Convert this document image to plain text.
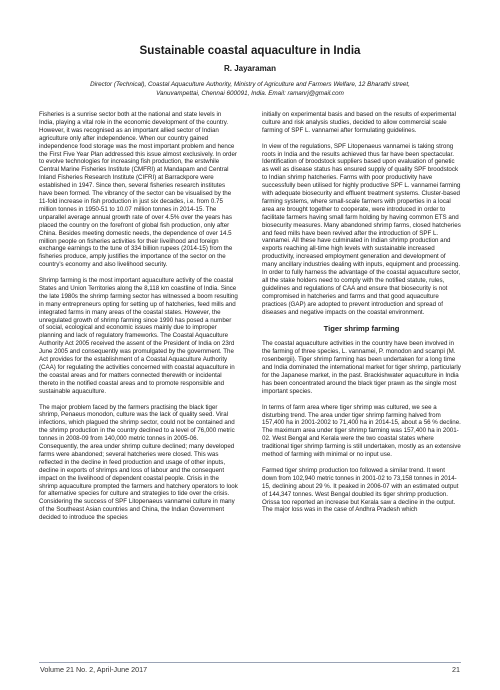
Sustainable coastal aquaculture in India
R. Jayaraman
Director (Technical), Coastal Aquaculture Authority, Ministry of Agriculture and Farmers Welfare, 12 Bharathi street,
Vanuvampettai, Chennai 600091, India. Email: ramanrj@gmail.com

Fisheries is a sunrise sector both at the national and state levels in India, playing a vital role in the economic development of the country. However, it was recognised as an important allied sector of Indian agriculture only after independence. When our country gained independence food storage was the most important problem and hence the First Five Year Plan addressed this issue almost exclusively. In order to evolve technologies for increasing fish production, the erstwhile Central Marine Fisheries Institute (CMFRI) at Mandapam and Central Inland Fisheries Research Institute (CIFRI) at Barrackpore were established in 1947. Since then, several fisheries research institutes have been formed. The vibrancy of the sector can be visualised by the 11-fold increase in fish production in just six decades, i.e. from 0.75 million tonnes in 1950-51 to 10.07 million tonnes in 2014-15. The unparallel average annual growth rate of over 4.5% over the years has placed the country on the forefront of global fish production, only after China. Besides meeting domestic needs, the dependence of over 14.5 million people on fisheries activities for their livelihood and foreign exchange earnings to the tune of 334 billion rupees (2014-15) from the fisheries produce, amply justifies the importance of the sector on the country’s economy and also livelihood security.

Shrimp farming is the most important aquaculture activity of the coastal States and Union Territories along the 8,118 km coastline of India. Since the late 1980s the shrimp farming sector has witnessed a boom resulting in many entrepreneurs opting for setting up of hatcheries, feed mills and integrated farms in many areas of the coastal states. However, the unregulated growth of shrimp farming since 1990 has posed a number of social, ecological and economic issues mainly due to improper planning and lack of regulatory frameworks. The Coastal Aquaculture Authority Act 2005 received the assent of the President of India on 23rd June 2005 and consequently was promulgated by the government. The Act provides for the establishment of a Coastal Aquaculture Authority (CAA) for regulating the activities concerned with coastal aquaculture in the coastal areas and for matters connected therewith or incidental thereto in the notified coastal areas and to promote responsible and sustainable aquaculture.

The major problem faced by the farmers practising the black tiger shrimp, Penaeus monodon, culture was the lack of quality seed. Viral infections, which plagued the shrimp sector, could not be contained and the shrimp production in the country declined to a level of 76,000 metric tonnes in 2008-09 from 140,000 metric tonnes in 2005-06. Consequently, the area under shrimp culture declined; many developed farms were abandoned; several hatcheries were closed. This was reflected in the decline in feed production and usage of other inputs, decline in exports of shrimps and loss of labour and the consequent impact on the livelihood of dependent coastal people. Crisis in the shrimp aquaculture prompted the farmers and hatchery operators to look for alternative species for culture and strategies to tide over the crisis. Considering the success of SPF Litopenaeus vannamei culture in many of the Southeast Asian countries and China, the Indian Government decided to introduce the species

initially on experimental basis and based on the results of experimental culture and risk analysis studies, decided to allow commercial scale farming of SPF L. vannamei after formulating guidelines.

In view of the regulations, SPF Litopenaeus vannamei is taking strong roots in India and the results achieved thus far have been spectacular. Identification of broodstock suppliers based upon evaluation of genetic as well as disease status has ensured supply of quality SPF broodstock to Indian shrimp hatcheries. Farms with poor productivity have successfully been utilised for highly productive SPF L. vannamei farming with adequate biosecurity and effluent treatment systems. Cluster-based farming systems, where small-scale farmers with properties in a local area are brought together to cooperate, were introduced in order to facilitate farmers having small farm holding by having common ETS and biosecurity measures. Many abandoned shrimp farms, closed hatcheries and feed mills have been revived after the introduction of SPF L. vannamei. All these have culminated in Indian shrimp production and exports reaching all-time high levels with sustainable increased productivity, increased employment generation and development of many ancillary industries dealing with inputs, equipment and processing. In order to fully harness the advantage of the coastal aquaculture sector, all the stake holders need to comply with the notified statute, rules, guidelines and regulations of CAA and ensure that biosecurity is not compromised in hatcheries and farms and that good aquaculture practices (GAP) are adopted to prevent introduction and spread of diseases and negative impacts on the coastal environment.

Tiger shrimp farming

The coastal aquaculture activities in the country have been involved in the farming of three species, L. vannamei, P. monodon and scampi (M. rosenbergii). Tiger shrimp farming has been undertaken for a long time and India dominated the international market for tiger shrimp, particularly for the Japanese market, in the past. Brackishwater aquaculture in India has been concentrated around the black tiger prawn as the single most important species.

In terms of farm area where tiger shrimp was cultured, we see a disturbing trend. The area under tiger shrimp farming halved from 157,400 ha in 2001-2002 to 71,400 ha in 2014-15, about a 56 % decline. The maximum area under tiger shrimp farming was 157,400 ha in 2001-02. West Bengal and Kerala were the two coastal states where traditional tiger shrimp farming is still undertaken, mostly as an extensive method of farming with minimal or no input use.

Farmed tiger shrimp production too followed a similar trend. It went down from 102,940 metric tonnes in 2001-02 to 73,158 tonnes in 2014-15, declining about 29 %. It peaked in 2006-07 with an estimated output of 144,347 tonnes. West Bengal doubled its tiger shrimp production. Orissa too reported an increase but Kerala saw a decline in the output. The major loss was in the case of Andhra Pradesh which

Volume 21 No. 2, April-June 2017	21
